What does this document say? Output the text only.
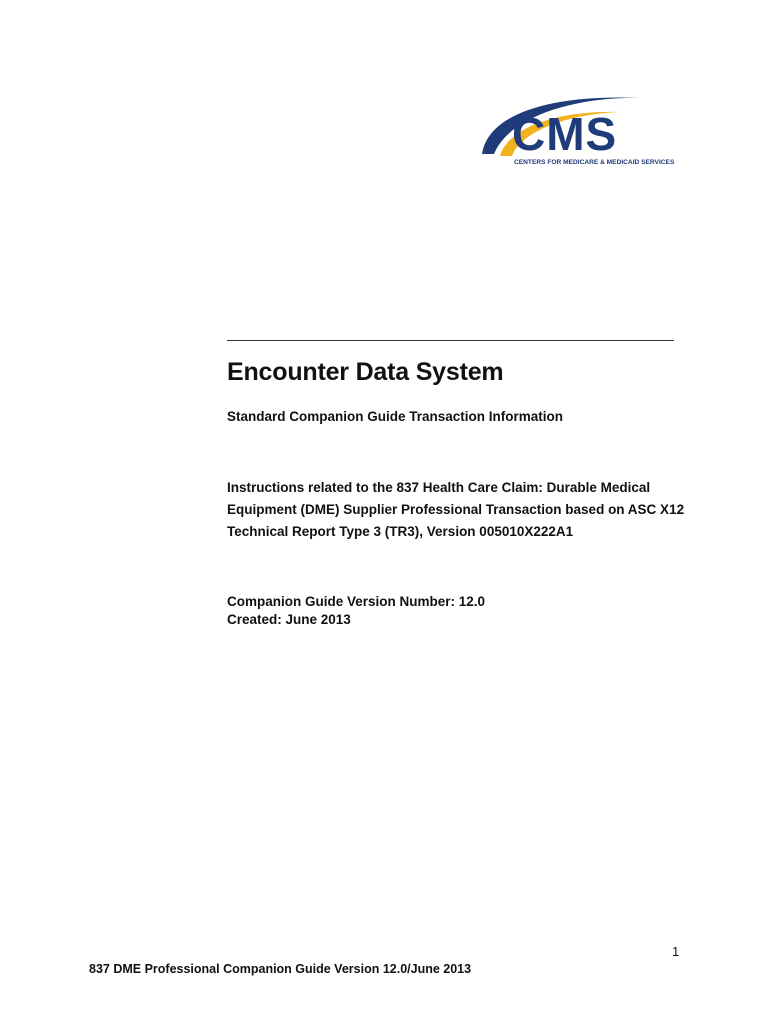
CMS
CENTERS FOR MEDICARE & MEDICAID SERVICES
Encounter Data System
Standard Companion Guide Transaction Information
Instructions related to the 837 Health Care Claim: Durable Medical
Equipment (DME) Supplier Professional Transaction based on ASC X12
Technical Report Type 3 (TR3), Version 005010X222A1
Companion Guide Version Number: 12.0
Created: June 2013
1
837 DME Professional Companion Guide Version 12.0/June 2013
